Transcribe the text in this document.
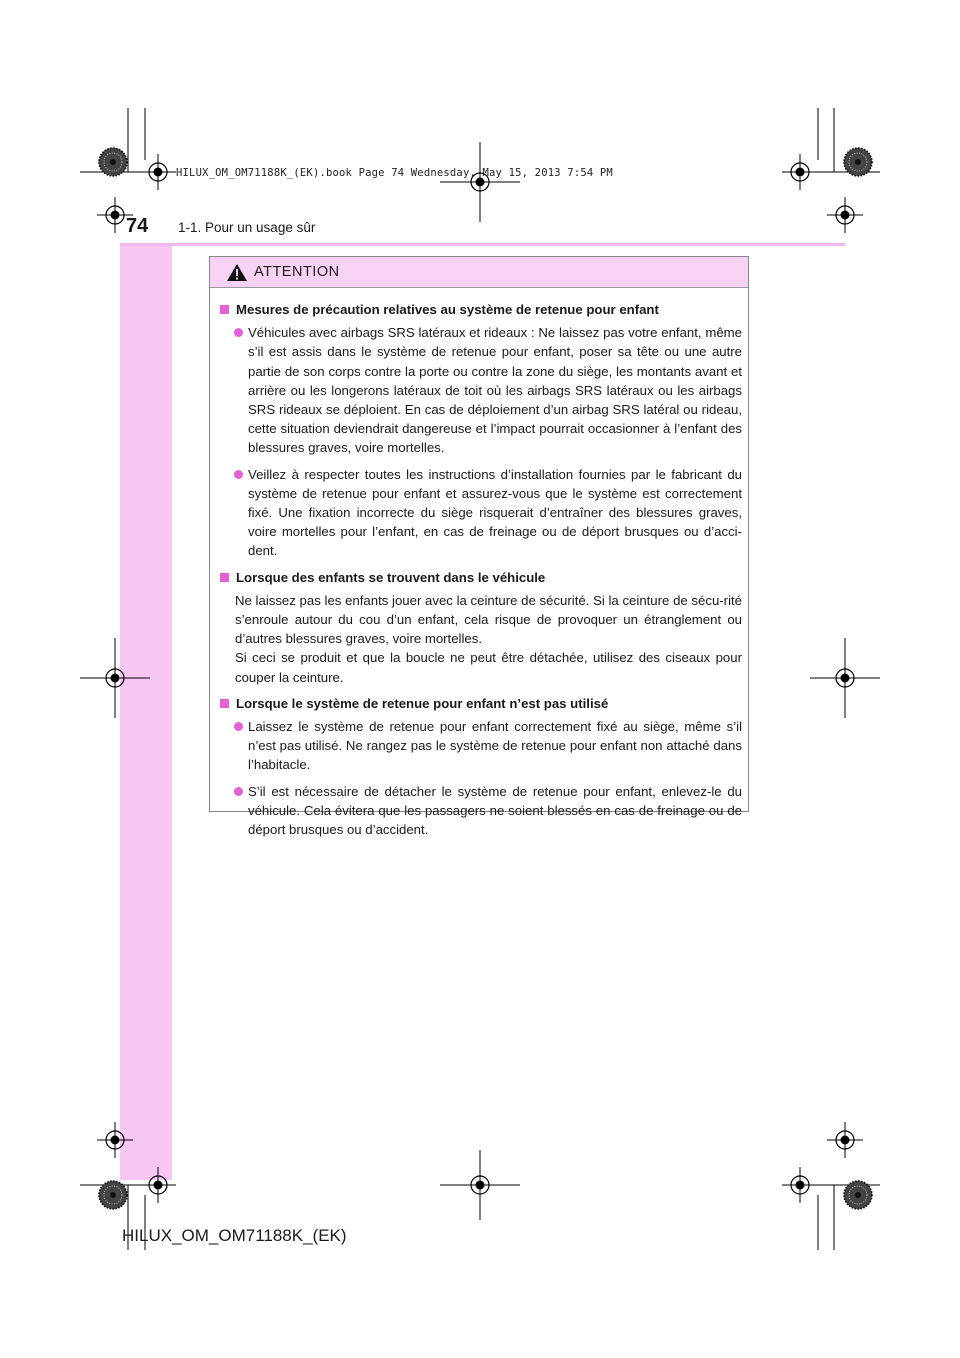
HILUX_OM_OM71188K_(EK).book Page 74 Wednesday, May 15, 2013 7:54 PM
74 1-1. Pour un usage sûr
ATTENTION
Mesures de précaution relatives au système de retenue pour enfant
Véhicules avec airbags SRS latéraux et rideaux : Ne laissez pas votre enfant, même s’il est assis dans le système de retenue pour enfant, poser sa tête ou une autre partie de son corps contre la porte ou contre la zone du siège, les montants avant et arrière ou les longerons latéraux de toit où les airbags SRS latéraux ou les airbags SRS rideaux se déploient. En cas de déploiement d’un airbag SRS latéral ou rideau, cette situation deviendrait dangereuse et l’impact pourrait occasionner à l’enfant des blessures graves, voire mortelles.
Veillez à respecter toutes les instructions d’installation fournies par le fabricant du système de retenue pour enfant et assurez-vous que le système est correctement fixé. Une fixation incorrecte du siège risquerait d’entraîner des blessures graves, voire mortelles pour l’enfant, en cas de freinage ou de déport brusques ou d’acci-dent.
Lorsque des enfants se trouvent dans le véhicule

Ne laissez pas les enfants jouer avec la ceinture de sécurité. Si la ceinture de sécu-rité s’enroule autour du cou d’un enfant, cela risque de provoquer un étranglement ou d’autres blessures graves, voire mortelles.

Si ceci se produit et que la boucle ne peut être détachée, utilisez des ciseaux pour couper la ceinture.

Lorsque le système de retenue pour enfant n’est pas utilisé
Laissez le système de retenue pour enfant correctement fixé au siège, même s’il n’est pas utilisé. Ne rangez pas le système de retenue pour enfant non attaché dans l’habitacle.
S’il est nécessaire de détacher le système de retenue pour enfant, enlevez-le du véhicule. Cela évitera que les passagers ne soient blessés en cas de freinage ou de déport brusques ou d’accident.
HILUX_OM_OM71188K_(EK)
